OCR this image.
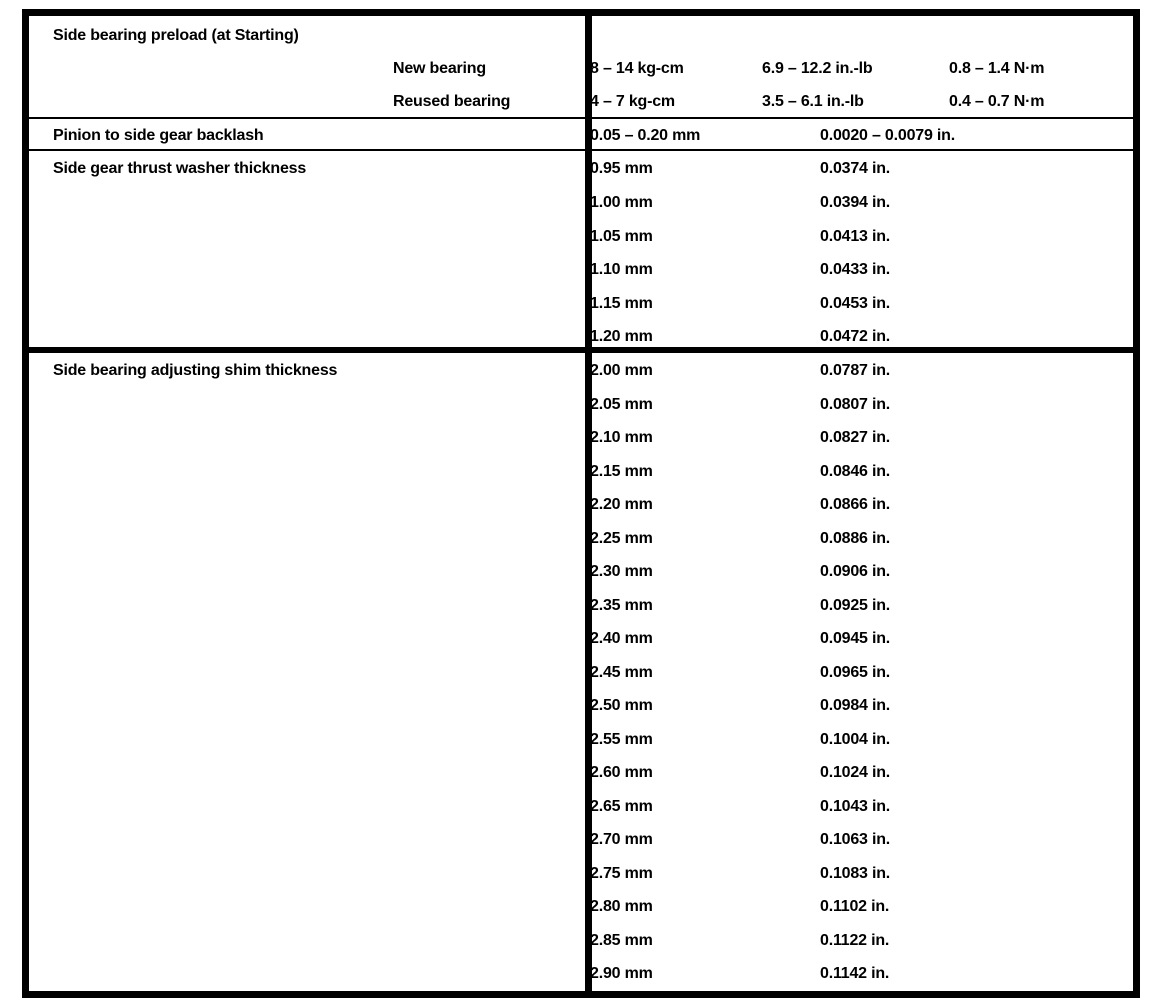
Side bearing preload (at Starting)
New bearing	8 – 14 kg-cm	6.9 – 12.2 in.-lb	0.8 – 1.4 N·m
Reused bearing	4 – 7 kg-cm	3.5 – 6.1 in.-lb	0.4 – 0.7 N·m
Pinion to side gear backlash	0.05 – 0.20 mm	0.0020 – 0.0079 in.
Side gear thrust washer thickness	0.95 mm	0.0374 in.
1.00 mm	0.0394 in.
1.05 mm	0.0413 in.
1.10 mm	0.0433 in.
1.15 mm	0.0453 in.
1.20 mm	0.0472 in.
Side bearing adjusting shim thickness	2.00 mm	0.0787 in.
2.05 mm	0.0807 in.
2.10 mm	0.0827 in.
2.15 mm	0.0846 in.
2.20 mm	0.0866 in.
2.25 mm	0.0886 in.
2.30 mm	0.0906 in.
2.35 mm	0.0925 in.
2.40 mm	0.0945 in.
2.45 mm	0.0965 in.
2.50 mm	0.0984 in.
2.55 mm	0.1004 in.
2.60 mm	0.1024 in.
2.65 mm	0.1043 in.
2.70 mm	0.1063 in.
2.75 mm	0.1083 in.
2.80 mm	0.1102 in.
2.85 mm	0.1122 in.
2.90 mm	0.1142 in.
